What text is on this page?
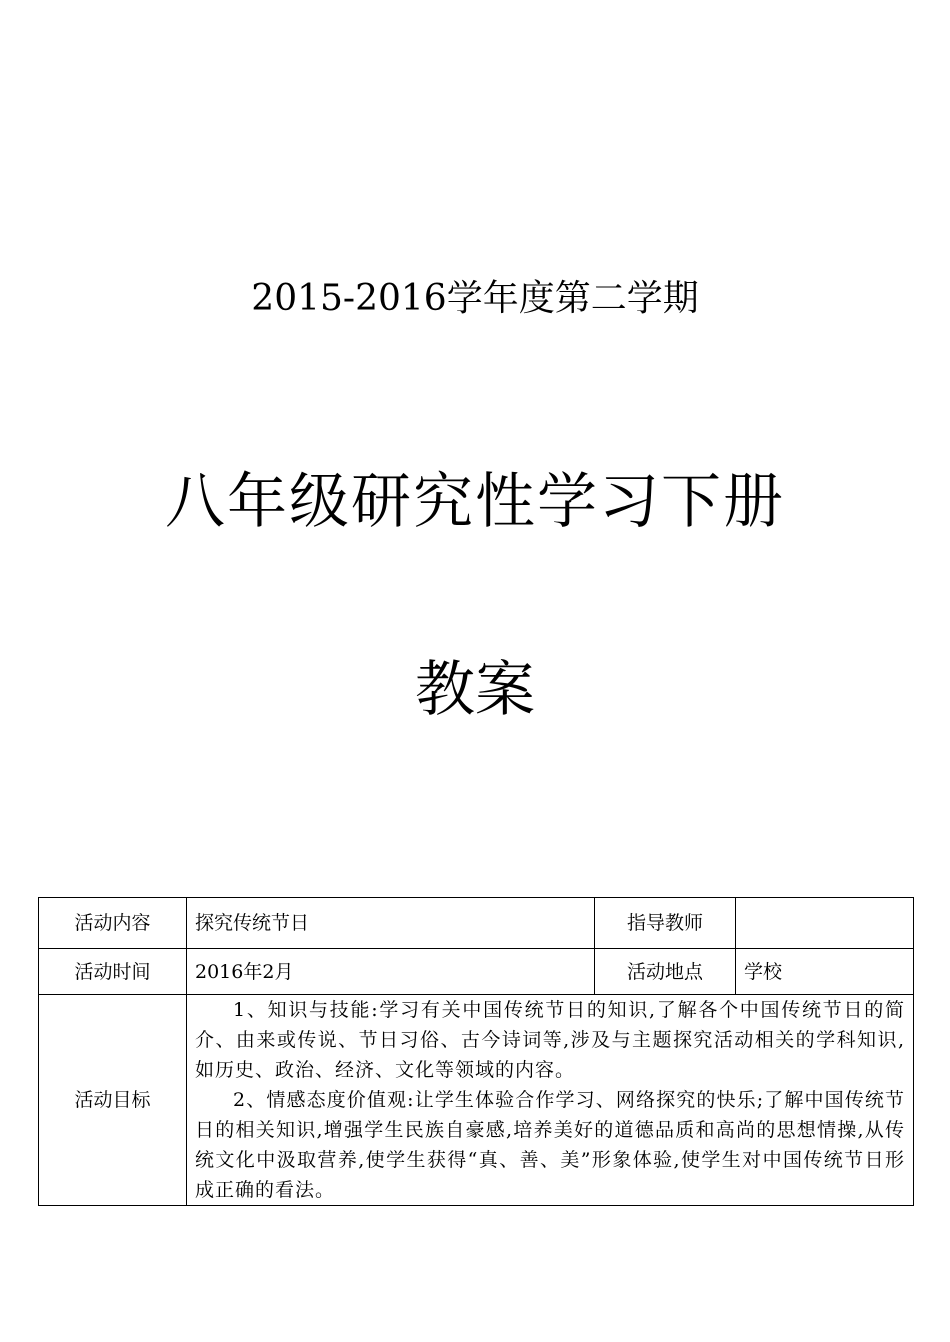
2015-2016学年度第二学期
八年级研究性学习下册
教案
活动内容	探究传统节日	指导教师	
活动时间	2016年2月	活动地点	学校
活动目标	1、知识与技能:学习有关中国传统节日的知识,了解各个中国传统节日的简介、由来或传说、节日习俗、古今诗词等,涉及与主题探究活动相关的学科知识,如历史、政治、经济、文化等领域的内容。

2、情感态度价值观:让学生体验合作学习、网络探究的快乐;了解中国传统节日的相关知识,增强学生民族自豪感,培养美好的道德品质和高尚的思想情操,从传统文化中汲取营养,使学生获得“真、善、美”形象体验,使学生对中国传统节日形成正确的看法。		
